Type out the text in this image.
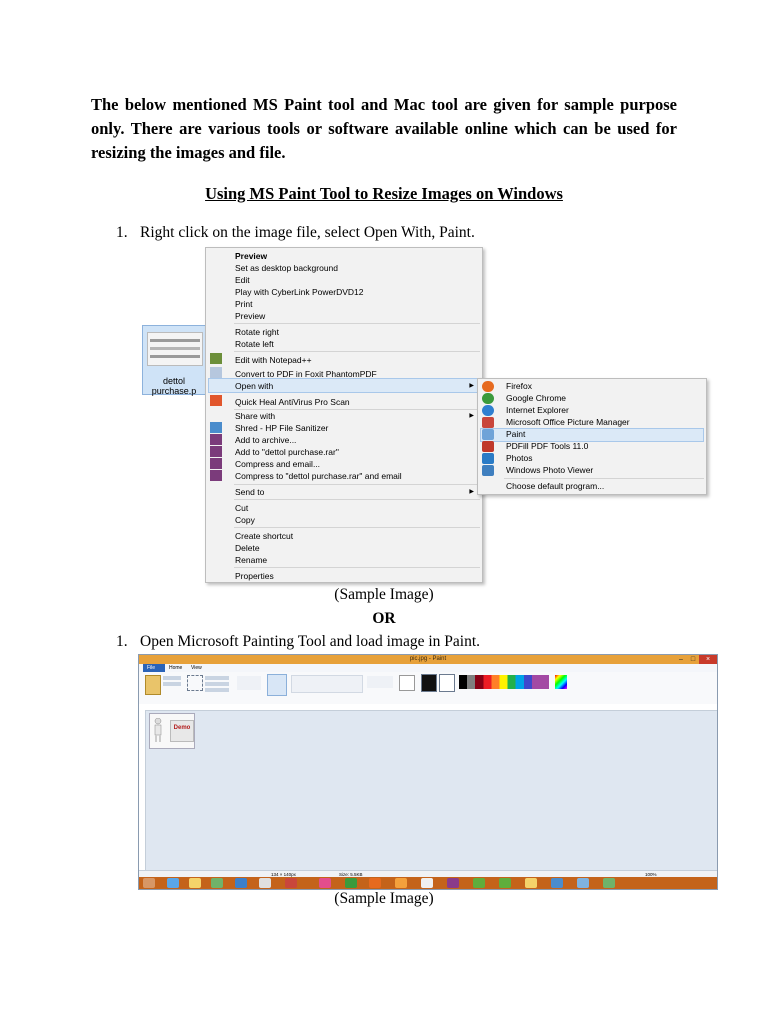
The below mentioned MS Paint tool and Mac tool are given for sample purpose only. There are various tools or software available online which can be used for resizing the images and file.
Using MS Paint Tool to Resize Images on Windows
1. Right click on the image file, select Open With, Paint.
dettol purchase.p
Preview
Set as desktop background
Edit
Play with CyberLink PowerDVD12
Print
Preview
Rotate right
Rotate left
Edit with Notepad++
Convert to PDF in Foxit PhantomPDF
Open with	▶
Quick Heal AntiVirus Pro Scan
Share with	▶
Shred - HP File Sanitizer
Add to archive...
Add to "dettol purchase.rar"
Compress and email...
Compress to "dettol purchase.rar" and email
Send to	▶
Cut
Copy
Create shortcut
Delete
Rename
Properties
Firefox
Google Chrome
Internet Explorer
Microsoft Office Picture Manager
Paint
PDFill PDF Tools 11.0
Photos
Windows Photo Viewer
Choose default program...
(Sample Image)
OR
1. Open Microsoft Painting Tool and load image in Paint.
pic.jpg - Paint	–	□	×
File	Home	View
Demo
134 × 140px	Size: 5.5KB	100%
(Sample Image)
